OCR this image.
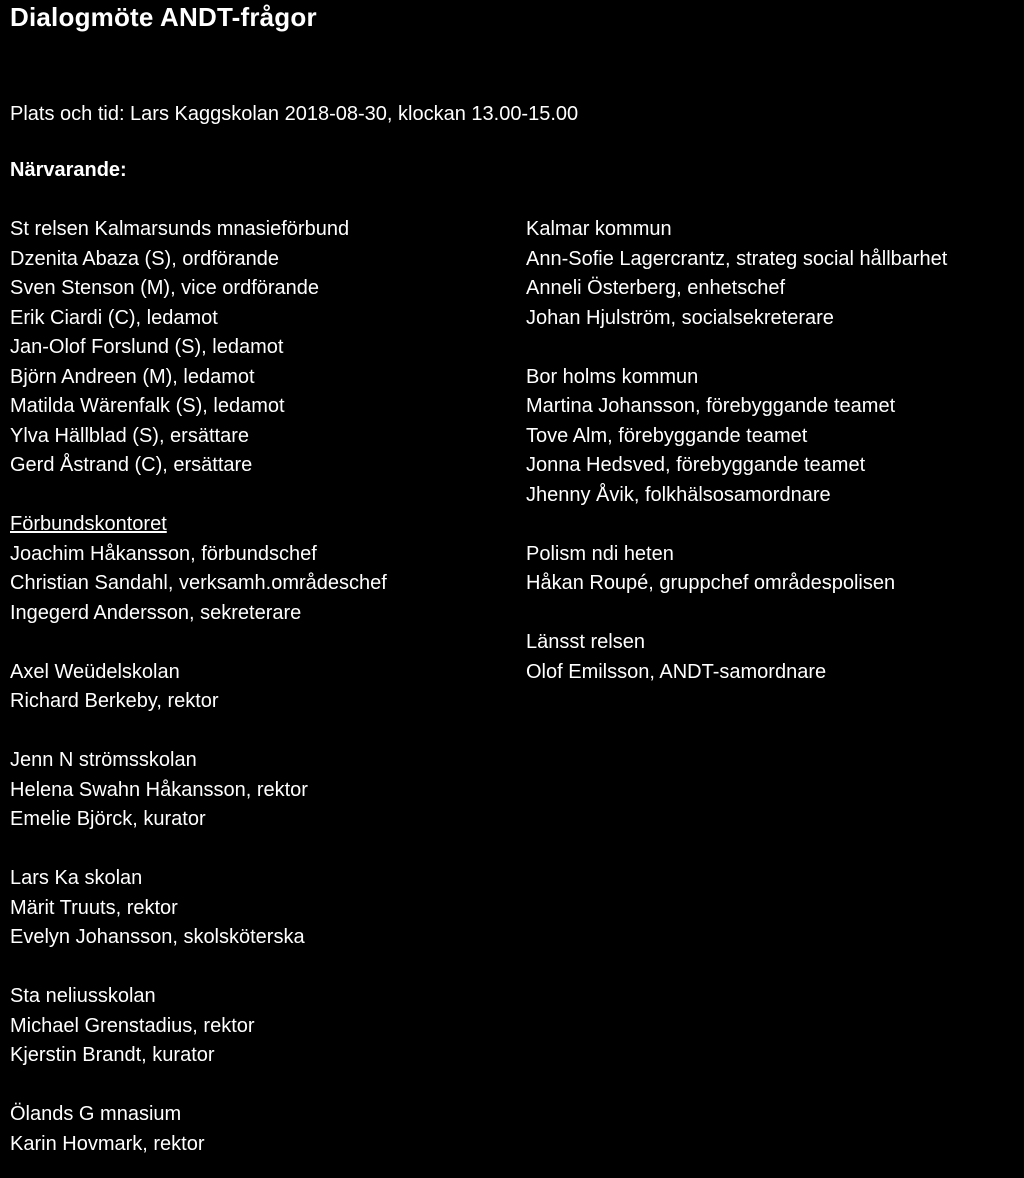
Dialogmöte ANDT-frågor
Plats och tid: Lars Kaggskolan 2018-08-30, klockan 13.00-15.00
Närvarande:
St relsen Kalmarsunds mnasieförbund
Dzenita Abaza (S), ordförande
Sven Stenson (M), vice ordförande
Erik Ciardi (C), ledamot
Jan-Olof Forslund (S), ledamot
Björn Andreen (M), ledamot
Matilda Wärenfalk (S), ledamot
Ylva Hällblad (S), ersättare
Gerd Åstrand (C), ersättare
Förbundskontoret
Joachim Håkansson, förbundschef
Christian Sandahl, verksamh.områdeschef
Ingegerd Andersson, sekreterare
Axel Weüdelskolan
Richard Berkeby, rektor
Jenn N strömsskolan
Helena Swahn Håkansson, rektor
Emelie Björck, kurator
Lars Ka skolan
Märit Truuts, rektor
Evelyn Johansson, skolsköterska
Sta neliusskolan
Michael Grenstadius, rektor
Kjerstin Brandt, kurator
Ölands G mnasium
Karin Hovmark, rektor
Kalmar kommun
Ann-Sofie Lagercrantz, strateg social hållbarhet
Anneli Österberg, enhetschef
Johan Hjulström, socialsekreterare
Bor holms kommun
Martina Johansson, förebyggande teamet
Tove Alm, förebyggande teamet
Jonna Hedsved, förebyggande teamet
Jhenny Åvik, folkhälsosamordnare
Polism ndi heten
Håkan Roupé, gruppchef områdespolisen
Länsst relsen
Olof Emilsson, ANDT-samordnare
